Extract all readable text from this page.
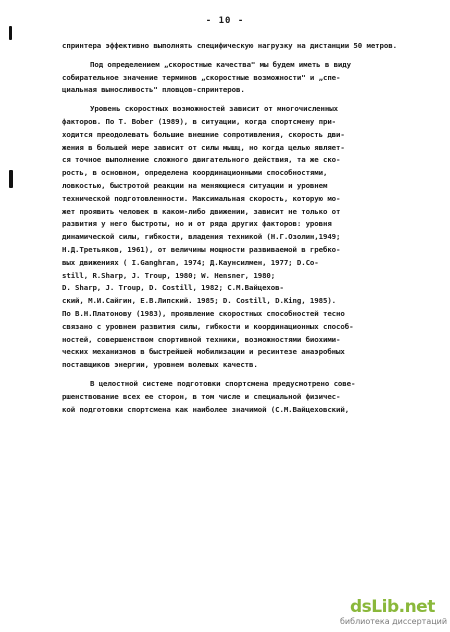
- 10 -
спринтера эффективно выполнять специфическую нагрузку на дистанции 50 метров.
Под определением „скоростные качества" мы будем иметь в виду
собирательное значение терминов „скоростные возможности" и „спе-
циальная выносливость" пловцов-спринтеров.
Уровень скоростных возможностей зависит от многочисленных
факторов. По T. Bober (1989), в ситуации, когда спортсмену при-
ходится преодолевать большие внешние сопротивления, скорость дви-
жения в большей мере зависит от силы мышц, но когда целью являет-
ся точное выполнение сложного двигательного действия, та же ско-
рость, в основном, определена координационными способностями,
ловкостью, быстротой реакции на меняющиеся ситуации и уровнем
технической подготовленности. Максимальная скорость, которую мо-
жет проявить человек в каком-либо движении, зависит не только от
развития у него быстроты, но и от ряда других факторов: уровня
динамической силы, гибкости, владения техникой (Н.Г.Озолин,1949;
Н.Д.Третьяков, 1961), от величины мощности развиваемой в гребко-
вых движениях ( I.Ganghran, 1974; Д.Каунсилмен, 1977; D.Co-
still, R.Sharp, J. Troup, 1980; W. Hensner, 1980;
D. Sharp, J. Troup, D. Costill, 1982; С.М.Вайцехов-
ский, М.И.Сайгин, Е.В.Липский. 1985; D. Costill, D.King, 1985).
По В.Н.Платонову (1983), проявление скоростных способностей тесно
связано с уровнем развития силы, гибкости и координационных способ-
ностей, совершенством спортивной техники, возможностями биохими-
ческих механизмов в быстрейшей мобилизации и ресинтезе анаэробных
поставщиков энергии, уровнем волевых качеств.
В целостной системе подготовки спортсмена предусмотрено сове-
ршенствование всех ее сторон, в том числе и специальной физичес-
кой подготовки спортсмена как наиболее значимой (С.М.Вайцеховский,
dsLib.net
библиотека диссертаций
